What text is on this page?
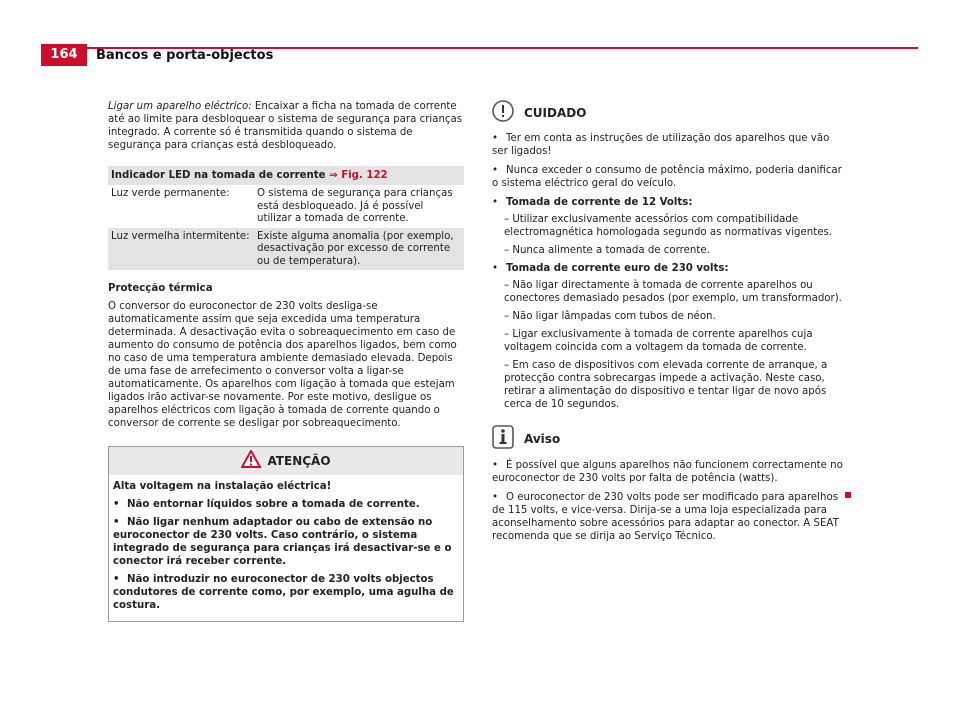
164	Bancos e porta-objectos

Ligar um aparelho eléctrico: Encaixar a ficha na tomada de corrente até ao limite para desbloquear o sistema de segurança para crianças integrado. A corrente só é transmitida quando o sistema de segurança para crianças está desbloqueado.

Indicador LED na tomada de corrente ⇒ Fig. 122	
Luz verde permanente:	O sistema de segurança para crianças está desbloqueado. Já é possível utilizar a tomada de corrente.
Luz vermelha intermitente:	Existe alguma anomalia (por exemplo, desactivação por excesso de corrente ou de temperatura).
Protecção térmica

O conversor do euroconector de 230 volts desliga-se automaticamente assim que seja excedida uma temperatura determinada. A desactivação evita o sobreaquecimento em caso de aumento do consumo de potência dos aparelhos ligados, bem como no caso de uma temperatura ambiente demasiado elevada. Depois de uma fase de arrefecimento o conversor volta a ligar-se automaticamente. Os aparelhos com ligação à tomada que estejam ligados irão activar-se novamente. Por este motivo, desligue os aparelhos eléctricos com ligação à tomada de corrente quando o conversor de corrente se desligar por sobreaquecimento.

ATENÇÃO

Alta voltagem na instalação eléctrica!

• Não entornar líquidos sobre a tomada de corrente.

• Não ligar nenhum adaptador ou cabo de extensão no euroconector de 230 volts. Caso contrário, o sistema integrado de segurança para crianças irá desactivar-se e o conector irá receber corrente.

• Não introduzir no euroconector de 230 volts objectos condutores de corrente como, por exemplo, uma agulha de costura.

CUIDADO

• Ter em conta as instruções de utilização dos aparelhos que vão ser ligados!

• Nunca exceder o consumo de potência máximo, poderia danificar o sistema eléctrico geral do veículo.

• Tomada de corrente de 12 Volts:

– Utilizar exclusivamente acessórios com compatibilidade electromagnética homologada segundo as normativas vigentes.
– Nunca alimente a tomada de corrente.

• Tomada de corrente euro de 230 volts:

– Não ligar directamente à tomada de corrente aparelhos ou conectores demasiado pesados (por exemplo, um transformador).
– Não ligar lâmpadas com tubos de néon.
– Ligar exclusivamente à tomada de corrente aparelhos cuja voltagem coincida com a voltagem da tomada de corrente.
– Em caso de dispositivos com elevada corrente de arranque, a protecção contra sobrecargas impede a activação. Neste caso, retirar a alimentação do dispositivo e tentar ligar de novo após cerca de 10 segundos.
Aviso

• É possível que alguns aparelhos não funcionem correctamente no euroconector de 230 volts por falta de potência (watts).

• O euroconector de 230 volts pode ser modificado para aparelhos de 115 volts, e vice-versa. Dirija-se a uma loja especializada para aconselhamento sobre acessórios para adaptar ao conector. A SEAT recomenda que se dirija ao Serviço Técnico.
